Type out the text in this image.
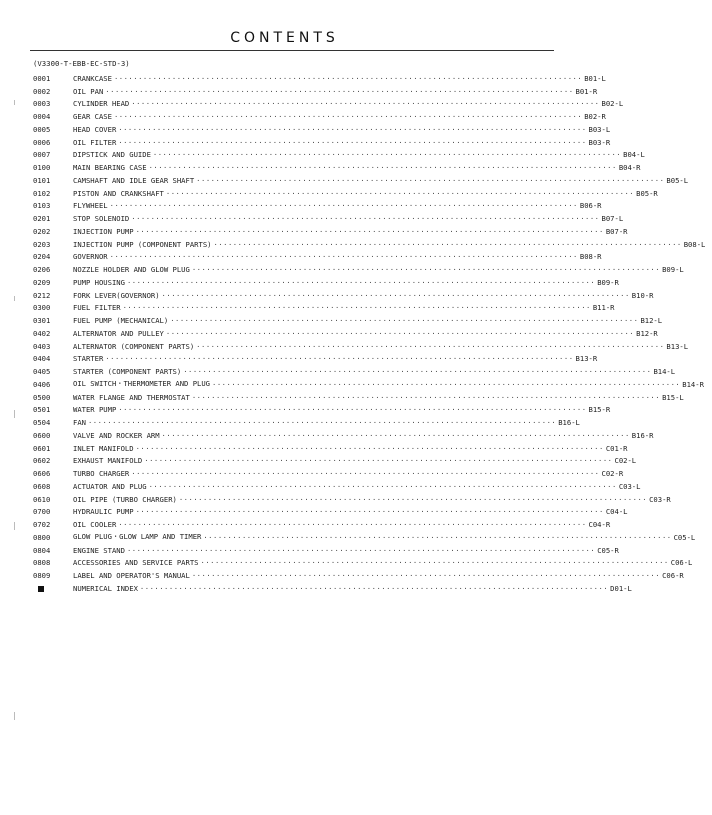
CONTENTS
(V3300-T-EBB-EC-STD-3)
0001	CRANKCASE ·····	B01-L
0002	OIL PAN ·····	B01-R
0003	CYLINDER HEAD ·····	B02-L
0004	GEAR CASE ·····	B02-R
0005	HEAD COVER ·····	B03-L
0006	OIL FILTER ·····	B03-R
0007	DIPSTICK AND GUIDE ·····	B04-L
0100	MAIN BEARING CASE ·····	B04-R
0101	CAMSHAFT AND IDLE GEAR SHAFT ·····	B05-L
0102	PISTON AND CRANKSHAFT ·····	B05-R
0103	FLYWHEEL ·····	B06-R
0201	STOP SOLENOID ·····	B07-L
0202	INJECTION PUMP ·····	B07-R
0203	INJECTION PUMP (COMPONENT PARTS) ·····	B08-L
0204	GOVERNOR ·····	B08-R
0206	NOZZLE HOLDER AND GLOW PLUG ·····	B09-L
0209	PUMP HOUSING ·····	B09-R
0212	FORK LEVER(GOVERNOR) ·····	B10-R
0300	FUEL FILTER ·····	B11-R
0301	FUEL PUMP (MECHANICAL) ·····	B12-L
0402	ALTERNATOR AND PULLEY ·····	B12-R
0403	ALTERNATOR (COMPONENT PARTS) ·····	B13-L
0404	STARTER ·····	B13-R
0405	STARTER (COMPONENT PARTS) ·····	B14-L
0406	OIL SWITCH・THERMOMETER AND PLUG ·····	B14-R
0500	WATER FLANGE AND THERMOSTAT ·····	B15-L
0501	WATER PUMP ·····	B15-R
0504	FAN ·····	B16-L
0600	VALVE AND ROCKER ARM ·····	B16-R
0601	INLET MANIFOLD ·····	C01-R
0602	EXHAUST MANIFOLD ·····	C02-L
0606	TURBO CHARGER ·····	C02-R
0608	ACTUATOR AND PLUG ·····	C03-L
0610	OIL PIPE (TURBO CHARGER) ·····	C03-R
0700	HYDRAULIC PUMP ·····	C04-L
0702	OIL COOLER ·····	C04-R
0800	GLOW PLUG・GLOW LAMP AND TIMER ·····	C05-L
0804	ENGINE STAND ·····	C05-R
0808	ACCESSORIES AND SERVICE PARTS ·····	C06-L
0809	LABEL AND OPERATOR'S MANUAL ·····	C06-R
NUMERICAL INDEX ·····	D01-L
